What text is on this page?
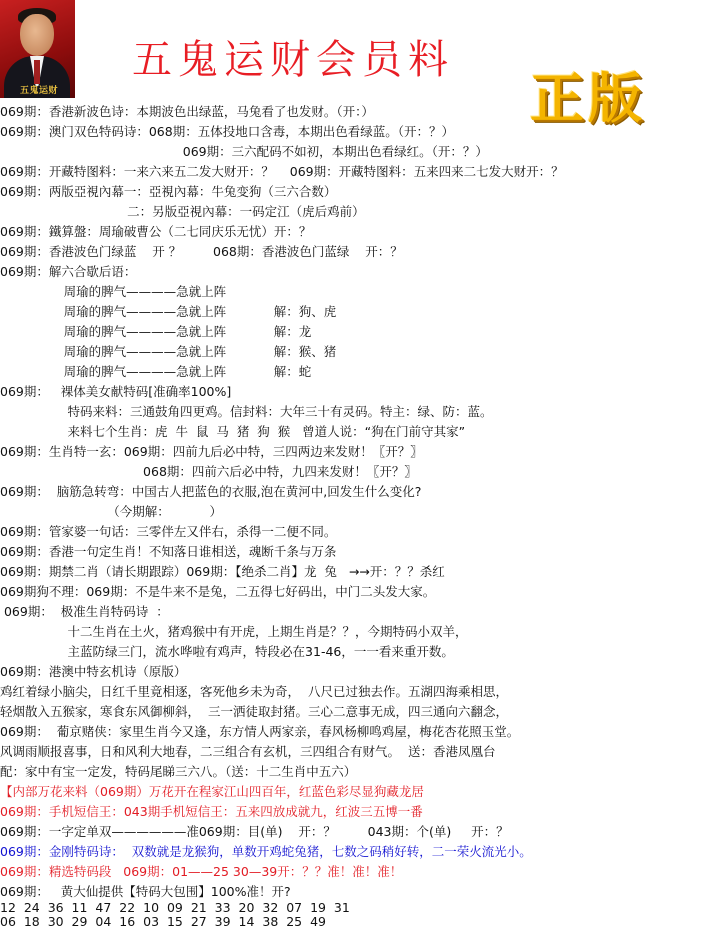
五鬼运财
五鬼运财会员料
正版
069期：香港新波色诗：本期波色出绿蓝，马兔看了也发财。（开：）
069期：澳门双色特码诗：068期：五体投地口含毒，本期出色看绿蓝。（开：？）
069期：三六配码不如初，本期出色看绿红。（开：？）
069期：开藏特图料：一来六来五二发大财开：？    069期：开藏特图料：五来四来二七发大财开：？
069期：两版亞視內幕一：亞視內幕：牛兔变狗（三六合数）
二：另版亞視內幕：一码定江（虎后鸡前）
069期：鐵算盤：周瑜破曹公（二七同庆乐无忧）开：？
069期：香港波色门绿蓝    开 ？        068期：香港波色门蓝绿    开：？
069期：解六合歇后语：
周瑜的脾气————急就上阵
周瑜的脾气————急就上阵            解：狗、虎
周瑜的脾气————急就上阵            解：龙
周瑜的脾气————急就上阵            解：猴、猪
周瑜的脾气————急就上阵            解：蛇
069期：   裸体美女献特码[准确率100%]
特码来料：三通鼓角四更鸡。信封料：大年三十有灵码。特主：绿、防：蓝。
来料七个生肖：虎  牛  鼠  马  猪  狗  猴   曾道人说：“狗在门前守其家”
069期：生肖特一玄：069期：四前九后必中特，三四两边来发财！〖开？〗
068期：四前六后必中特，九四来发财！〖开？〗
069期：  脑筋急转弯：中国古人把蓝色的衣服,泡在黄河中,回发生什么变化?
（今期解：          ）
069期：管家婆一句话：三零伴左又伴右，杀得一二便不同。
069期：香港一句定生肖！不知落日谁相送，魂断千条与万条
069期：期禁二肖（请长期跟踪）069期：【绝杀二肖】龙  兔   →→开：？？杀红
069期狗不理：069期：不是牛来不是兔，二五得七好码出，中门二头发大家。
069期：  极准生肖特码诗  ：
十二生肖在土火，猪鸡猴中有开虎，上期生肖是？？，今期特码小双羊，
主蓝防绿三门，流水哗啦有鸡声，特段必在31-46，一一看来重开数。
069期：港澳中特玄机诗（原版）
鸡红着绿小脑尖，日红千里竟相逐，客死他乡未为奇，  八尺已过独去作。五湖四海乘相思，
轻烟散入五猴家，寒食东风御柳斜，  三一洒徒取封猪。三心二意事无成，四三通向六翻念，
069期：  葡京赌侠：家里生肖今又逢，东方情人两家亲，春风杨柳鸣鸡屋，梅花杏花照玉堂。
风调雨顺报喜事，日和风利大地春，二三组合有玄机，三四组合有财气。  送：香港凤凰台
配：家中有宝一定发，特码尾睇三六八。（送：十二生肖中五六）
【内部万花来料（069期）万花开在程家江山四百年，红蓝色彩尽显狗藏龙居
069期：手机短信王：043期手机短信王：五来四放成就九，红波三五博一番
069期：一字定单双——————准069期：目(单)    开：？        043期：个(单)     开：？
069期：金刚特码诗：  双数就是龙猴狗，单数开鸡蛇兔猪，七数之码稍好转，二一荣火流光小。
069期：精选特码段   069期：01——25 30—39开：？？准！准！准！
069期：   黄大仙提供【特码大包围】100%准！开?
12  24  36  11  47  22  10  09  21  33  20  32  07  19  31
06  18  30  29  04  16  03  15  27  39  14  38  25  49
